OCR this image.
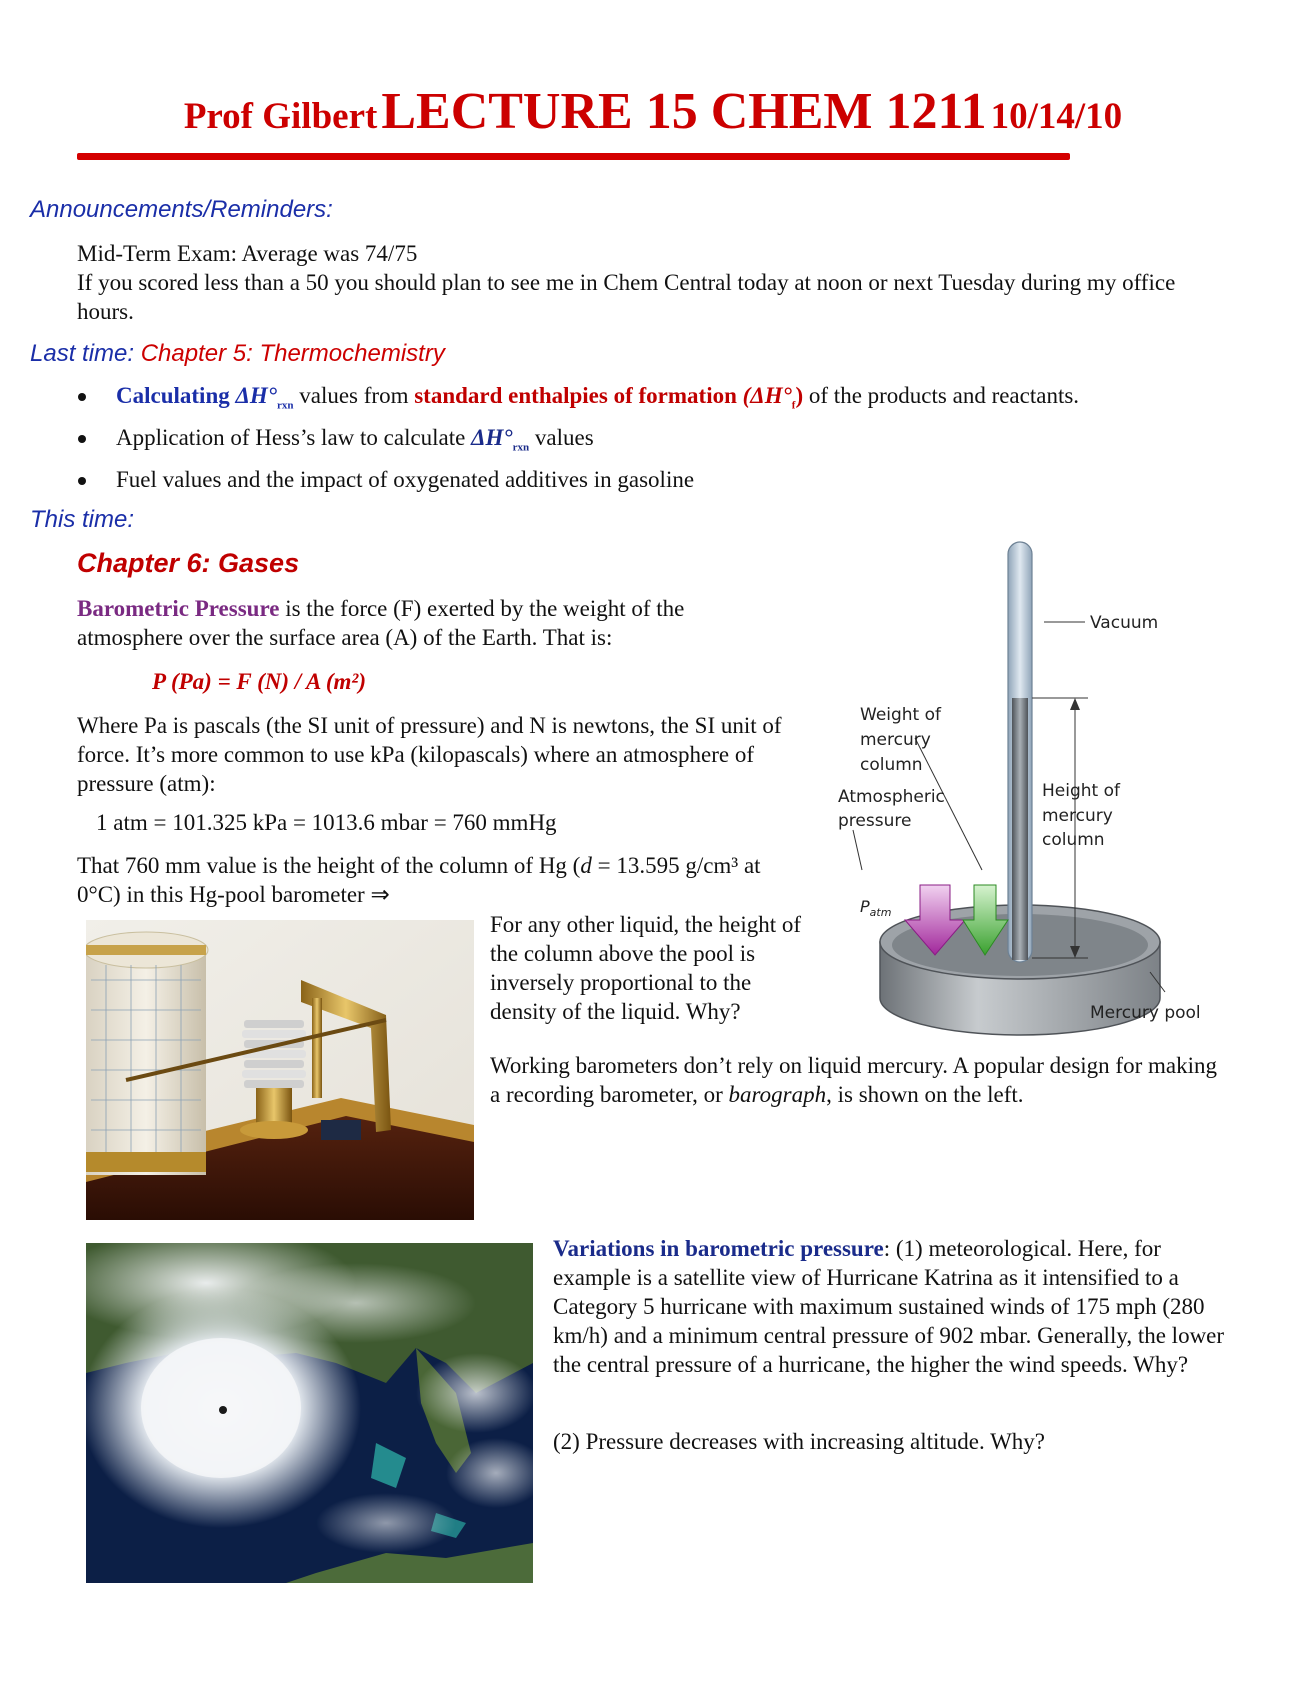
Prof Gilbert LECTURE 15 CHEM 1211 10/14/10
Announcements/Reminders:
Mid-Term Exam: Average was 74/75
If you scored less than a 50 you should plan to see me in Chem Central today at noon or next Tuesday during my office hours.
Last time: Chapter 5: Thermochemistry
Calculating $\Delta H^\circ_{rxn}$ values from standard enthalpies of formation $(\Delta H^\circ_f)$ of the products and reactants.
Application of Hess’s law to calculate $\Delta H^\circ_{rxn}$ values
Fuel values and the impact of oxygenated additives in gasoline
This time:
Chapter 6: Gases
Barometric Pressure is the force (F) exerted by the weight of the atmosphere over the surface area (A) of the Earth. That is:
P (Pa) = F (N) / A (m²)
Where Pa is pascals (the SI unit of pressure) and N is newtons, the SI unit of force. It’s more common to use kPa (kilopascals) where an atmosphere of pressure (atm):
1 atm = 101.325 kPa = 1013.6 mbar = 760 mmHg
That 760 mm value is the height of the column of Hg (d = 13.595 g/cm³ at 0°C) in this Hg-pool barometer ⇒
For any other liquid, the height of the column above the pool is inversely proportional to the density of the liquid. Why?
Working barometers don’t rely on liquid mercury. A popular design for making a recording barometer, or barograph, is shown on the left.
Vacuum
Weight of
mercury
column
Atmospheric
pressure
Height of
mercury
column
Mercury pool
$P_{atm}$
Variations in barometric pressure: (1) meteorological. Here, for example is a satellite view of Hurricane Katrina as it intensified to a Category 5 hurricane with maximum sustained winds of 175 mph (280 km/h) and a minimum central pressure of 902 mbar. Generally, the lower the central pressure of a hurricane, the higher the wind speeds. Why?
(2) Pressure decreases with increasing altitude. Why?
